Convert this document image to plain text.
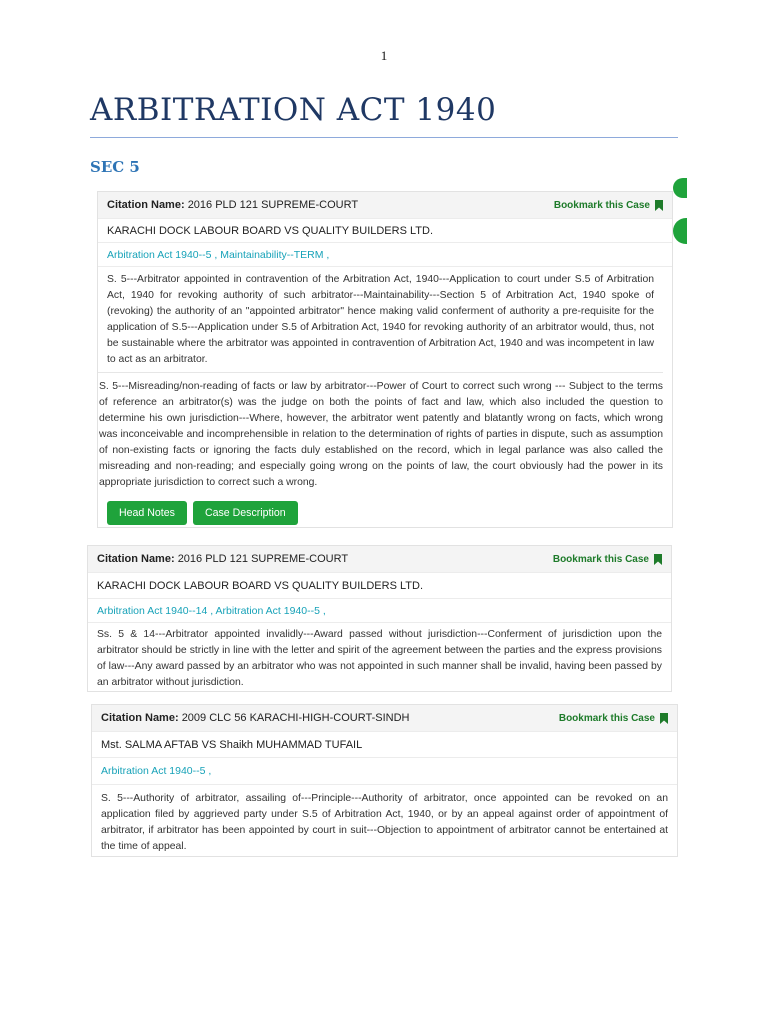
1
ARBITRATION ACT 1940
SEC 5
Citation Name: 2016 PLD 121 SUPREME-COURT	Bookmark this Case
KARACHI DOCK LABOUR BOARD VS QUALITY BUILDERS LTD.
Arbitration Act 1940--5 , Maintainability--TERM ,

S. 5---Arbitrator appointed in contravention of the Arbitration Act, 1940---Application to court under S.5 of Arbitration Act, 1940 for revoking authority of such arbitrator---Maintainability---Section 5 of Arbitration Act, 1940 spoke of (revoking) the authority of an "appointed arbitrator" hence making valid conferment of authority a pre-requisite for the application of S.5---Application under S.5 of Arbitration Act, 1940 for revoking authority of an arbitrator would, thus, not be sustainable where the arbitrator was appointed in contravention of Arbitration Act, 1940 and was incompetent in law to act as an arbitrator.

S. 5---Misreading/non-reading of facts or law by arbitrator---Power of Court to correct such wrong --- Subject to the terms of reference an arbitrator(s) was the judge on both the points of fact and law, which also included the question to determine his own jurisdiction---Where, however, the arbitrator went patently and blatantly wrong on facts, which wrong was inconceivable and incomprehensible in relation to the determination of rights of parties in dispute, such as assumption of non-existing facts or ignoring the facts duly established on the record, which in legal parlance was also called the misreading and non-reading; and especially going wrong on the points of law, the court obviously had the power in its appropriate jurisdiction to correct such a wrong.

Head Notes	Case Description
Citation Name: 2016 PLD 121 SUPREME-COURT	Bookmark this Case
KARACHI DOCK LABOUR BOARD VS QUALITY BUILDERS LTD.
Arbitration Act 1940--14 , Arbitration Act 1940--5 ,

Ss. 5 & 14---Arbitrator appointed invalidly---Award passed without jurisdiction---Conferment of jurisdiction upon the arbitrator should be strictly in line with the letter and spirit of the agreement between the parties and the express provisions of law---Any award passed by an arbitrator who was not appointed in such manner shall be invalid, having been passed by an arbitrator without jurisdiction.

Citation Name: 2009 CLC 56 KARACHI-HIGH-COURT-SINDH	Bookmark this Case
Mst. SALMA AFTAB VS Shaikh MUHAMMAD TUFAIL
Arbitration Act 1940--5 ,

S. 5---Authority of arbitrator, assailing of---Principle---Authority of arbitrator, once appointed can be revoked on an application filed by aggrieved party under S.5 of Arbitration Act, 1940, or by an appeal against order of appointment of arbitrator, if arbitrator has been appointed by court in suit---Objection to appointment of arbitrator cannot be entertained at the time of appeal.
